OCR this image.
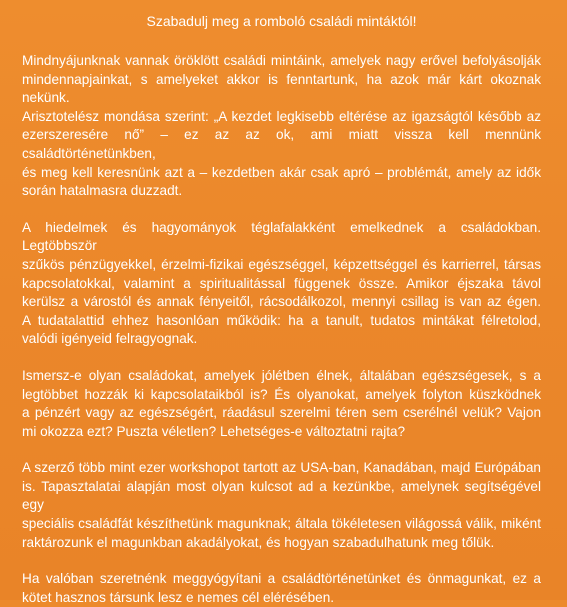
Szabadulj meg a romboló családi mintáktól!
Mindnyájunknak vannak öröklött családi mintáink, amelyek nagy erővel befolyásolják
mindennapjainkat, s amelyeket akkor is fenntartunk, ha azok már kárt okoznak nekünk.
Arisztotelész mondása szerint: „A kezdet legkisebb eltérése az igazságtól később az
ezerszeresére nő” – ez az az ok, ami miatt vissza kell mennünk családtörténetünkben,
és meg kell keresnünk azt a – kezdetben akár csak apró – problémát, amely az idők
során hatalmasra duzzadt.
A hiedelmek és hagyományok téglafalakként emelkednek a családokban. Legtöbbször
szűkös pénzügyekkel, érzelmi-fizikai egészséggel, képzettséggel és karrierrel, társas
kapcsolatokkal, valamint a spiritualitással függenek össze. Amikor éjszaka távol
kerülsz a várostól és annak fényeitől, rácsodálkozol, mennyi csillag is van az égen.
A tudatalattid ehhez hasonlóan működik: ha a tanult, tudatos mintákat félretolod,
valódi igényeid felragyognak.
Ismersz-e olyan családokat, amelyek jólétben élnek, általában egészségesek, s a
legtöbbet hozzák ki kapcsolataikból is? És olyanokat, amelyek folyton küszködnek
a pénzért vagy az egészségért, ráadásul szerelmi téren sem cserélnél velük? Vajon
mi okozza ezt? Puszta véletlen? Lehetséges-e változtatni rajta?
A szerző több mint ezer workshopot tartott az USA-ban, Kanadában, majd Európában
is. Tapasztalatai alapján most olyan kulcsot ad a kezünkbe, amelynek segítségével egy
speciális családfát készíthetünk magunknak; általa tökéletesen világossá válik, miként
raktározunk el magunkban akadályokat, és hogyan szabadulhatunk meg tőlük.
Ha valóban szeretnénk meggyógyítani a családtörténetünket és önmagunkat, ez a
kötet hasznos társunk lesz e nemes cél elérésében.
